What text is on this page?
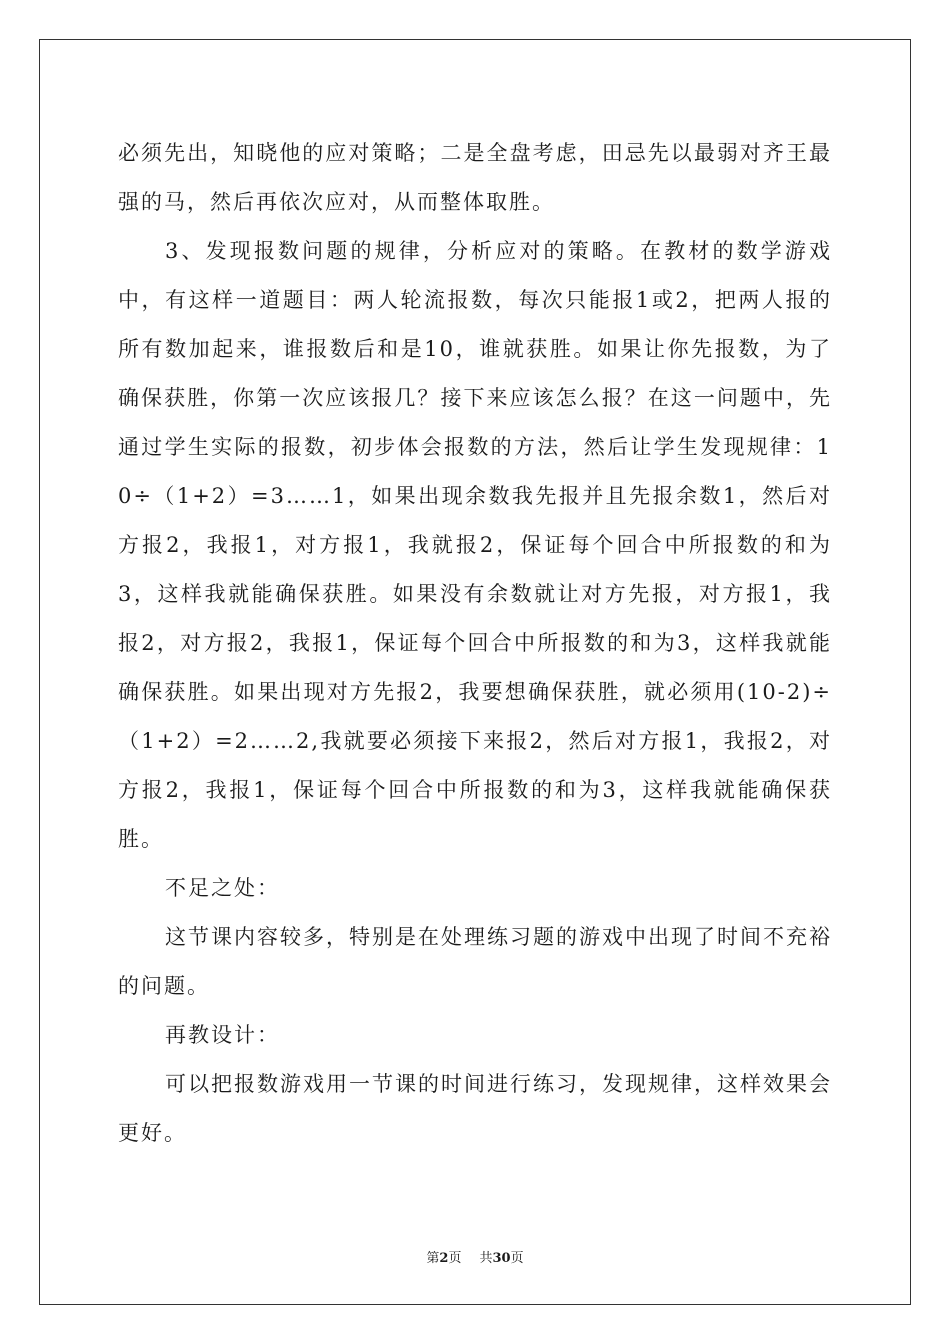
必须先出，知晓他的应对策略；二是全盘考虑，田忌先以最弱对齐王最强的马，然后再依次应对，从而整体取胜。

3、发现报数问题的规律，分析应对的策略。在教材的数学游戏中，有这样一道题目：两人轮流报数，每次只能报1或2，把两人报的所有数加起来，谁报数后和是10，谁就获胜。如果让你先报数，为了确保获胜，你第一次应该报几？接下来应该怎么报？在这一问题中，先通过学生实际的报数，初步体会报数的方法，然后让学生发现规律：10÷（1+2）=3……1，如果出现余数我先报并且先报余数1，然后对方报2，我报1，对方报1，我就报2，保证每个回合中所报数的和为3，这样我就能确保获胜。如果没有余数就让对方先报，对方报1，我报2，对方报2，我报1，保证每个回合中所报数的和为3，这样我就能确保获胜。如果出现对方先报2，我要想确保获胜，就必须用(10-2)÷（1+2）=2……2,我就要必须接下来报2，然后对方报1，我报2，对方报2，我报1，保证每个回合中所报数的和为3，这样我就能确保获胜。

不足之处：

这节课内容较多，特别是在处理练习题的游戏中出现了时间不充裕的问题。

再教设计：

可以把报数游戏用一节课的时间进行练习，发现规律，这样效果会更好。

第2页 共30页
